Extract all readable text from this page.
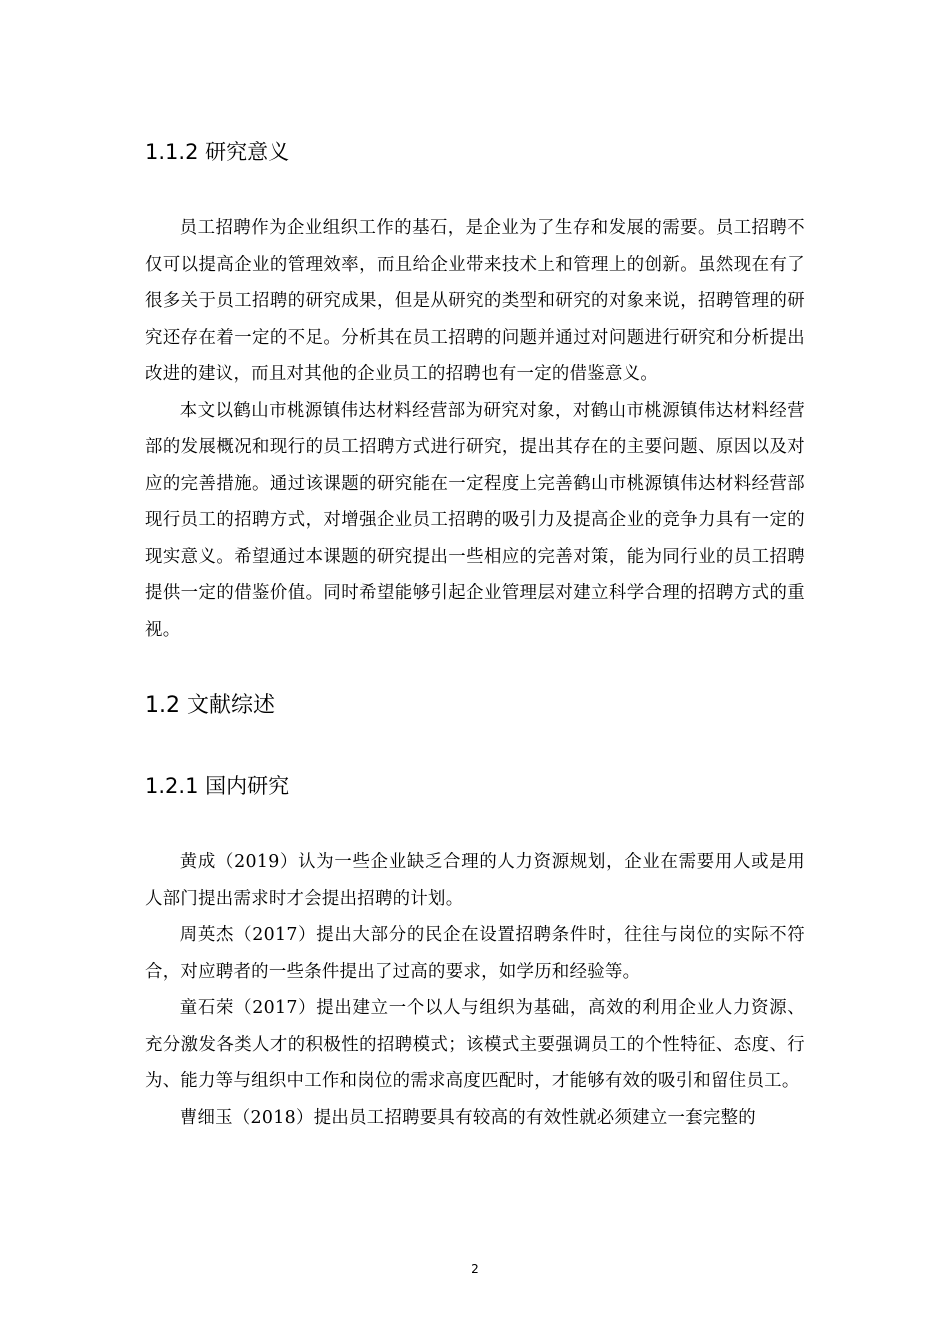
1.1.2 研究意义

员工招聘作为企业组织工作的基石，是企业为了生存和发展的需要。员工招聘不仅可以提高企业的管理效率，而且给企业带来技术上和管理上的创新。虽然现在有了很多关于员工招聘的研究成果，但是从研究的类型和研究的对象来说，招聘管理的研究还存在着一定的不足。分析其在员工招聘的问题并通过对问题进行研究和分析提出改进的建议，而且对其他的企业员工的招聘也有一定的借鉴意义。

本文以鹤山市桃源镇伟达材料经营部为研究对象，对鹤山市桃源镇伟达材料经营部的发展概况和现行的员工招聘方式进行研究，提出其存在的主要问题、原因以及对应的完善措施。通过该课题的研究能在一定程度上完善鹤山市桃源镇伟达材料经营部现行员工的招聘方式，对增强企业员工招聘的吸引力及提高企业的竞争力具有一定的现实意义。希望通过本课题的研究提出一些相应的完善对策，能为同行业的员工招聘提供一定的借鉴价值。同时希望能够引起企业管理层对建立科学合理的招聘方式的重视。

1.2 文献综述
1.2.1 国内研究

黄成（2019）认为一些企业缺乏合理的人力资源规划，企业在需要用人或是用人部门提出需求时才会提出招聘的计划。

周英杰（2017）提出大部分的民企在设置招聘条件时，往往与岗位的实际不符合，对应聘者的一些条件提出了过高的要求，如学历和经验等。

童石荣（2017）提出建立一个以人与组织为基础，高效的利用企业人力资源、充分激发各类人才的积极性的招聘模式；该模式主要强调员工的个性特征、态度、行为、能力等与组织中工作和岗位的需求高度匹配时，才能够有效的吸引和留住员工。

曹细玉（2018）提出员工招聘要具有较高的有效性就必须建立一套完整的

2
